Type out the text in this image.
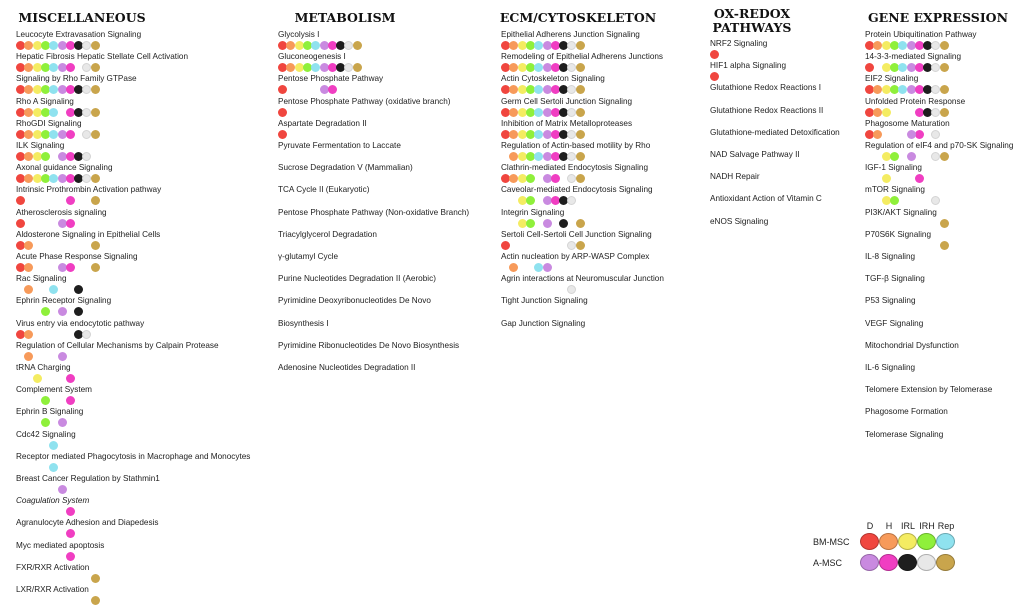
MISCELLANEOUS
Leucocyte Extravasation Signaling
Hepatic Fibrosis Hepatic Stellate Cell Activation
Signaling by Rho Family GTPase
Rho A Signaling
RhoGDI Signaling
ILK Signaling
Axonal guidance Signaling
Intrinsic Prothrombin Activation pathway
Atherosclerosis signaling
Aldosterone Signaling in Epithelial Cells
Acute Phase Response Signaling
Rac Signaling
Ephrin Receptor Signaling
Virus entry via endocytotic pathway
Regulation of Cellular Mechanisms by Calpain Protease
tRNA Charging
Complement System
Ephrin B Signaling
Cdc42 Signaling
Receptor mediated Phagocytosis in Macrophage and Monocytes
Breast Cancer Regulation by Stathmin1
Coagulation System
Agranulocyte Adhesion and Diapedesis
Myc mediated apoptosis
FXR/RXR Activation
LXR/RXR Activation
METABOLISM
Glycolysis I
Gluconeogenesis I
Pentose Phosphate Pathway
Pentose Phosphate Pathway (oxidative branch)
Aspartate Degradation II
Pyruvate Fermentation to Laccate
Sucrose Degradation V (Mammalian)
TCA Cycle II (Eukaryotic)
Pentose Phosphate Pathway (Non-oxidative Branch)
Triacylglycerol Degradation
γ-glutamyl Cycle
Purine Nucleotides Degradation II (Aerobic)
Pyrimidine Deoxyribonucleotides De Novo
Biosynthesis I
Pyrimidine Ribonucleotides De Novo Biosynthesis
Adenosine Nucleotides Degradation II
ECM/CYTOSKELETON
Epithelial Adherens Junction Signaling
Remodeling of Epithelial Adherens Junctions
Actin Cytoskeleton Signaling
Germ Cell Sertoli Junction Signaling
Inhibition of Matrix Metalloproteases
Regulation of Actin-based motility by Rho
Clathrin-mediated Endocytosis Signaling
Caveolar-mediated Endocytosis Signaling
Integrin Signaling
Sertoli Cell-Sertoli Cell Junction Signaling
Actin nucleation by ARP-WASP Complex
Agrin interactions at Neuromuscular Junction
Tight Junction Signaling
Gap Junction Signaling
OX-REDOX
PATHWAYS
NRF2 Signaling
HIF1 alpha Signaling
Glutathione Redox Reactions I
Glutathione Redox Reactions II
Glutathione-mediated Detoxification
NAD Salvage Pathway II
NADH Repair
Antioxidant Action of Vitamin C
eNOS Signaling
GENE EXPRESSION
Protein Ubiquitination Pathway
14-3-3-mediated Signaling
EIF2 Signaling
Unfolded Protein Response
Phagosome Maturation
Regulation of eIF4 and p70-SK Signaling
IGF-1 Signaling
mTOR Signaling
PI3K/AKT Signaling
P70S6K Signaling
IL-8 Signaling
TGF-β Signaling
P53 Signaling
VEGF Signaling
Mitochondrial Dysfunction
IL-6 Signaling
Telomere Extension by Telomerase
Phagosome Formation
Telomerase Signaling
D	H IRL IRH Rep
BM-MSC
A-MSC
